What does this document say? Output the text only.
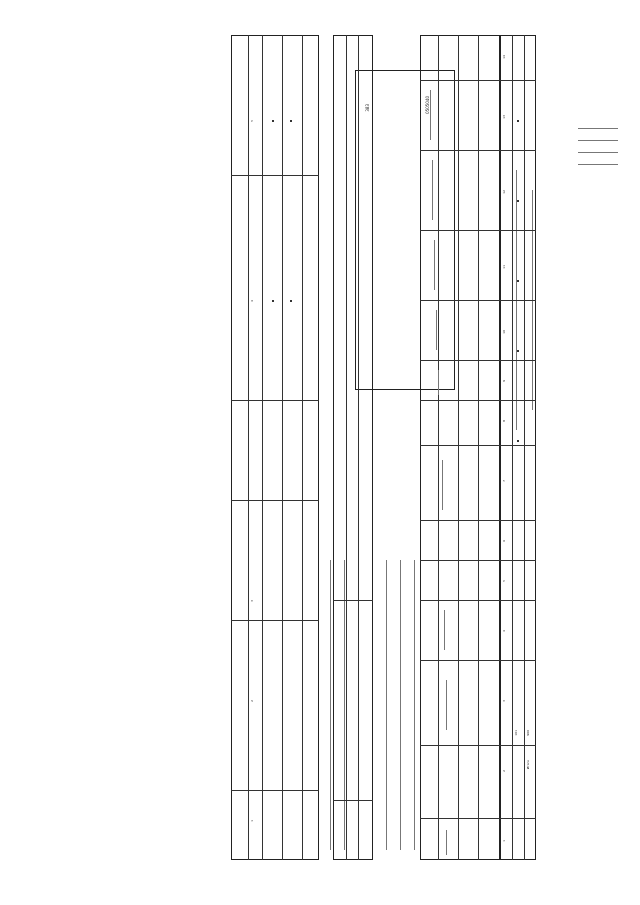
0505040
383
1
2
3
4
5
101	900
Итого
1
2
3
4
5
6
7
8
9
10
11
12
13
14
